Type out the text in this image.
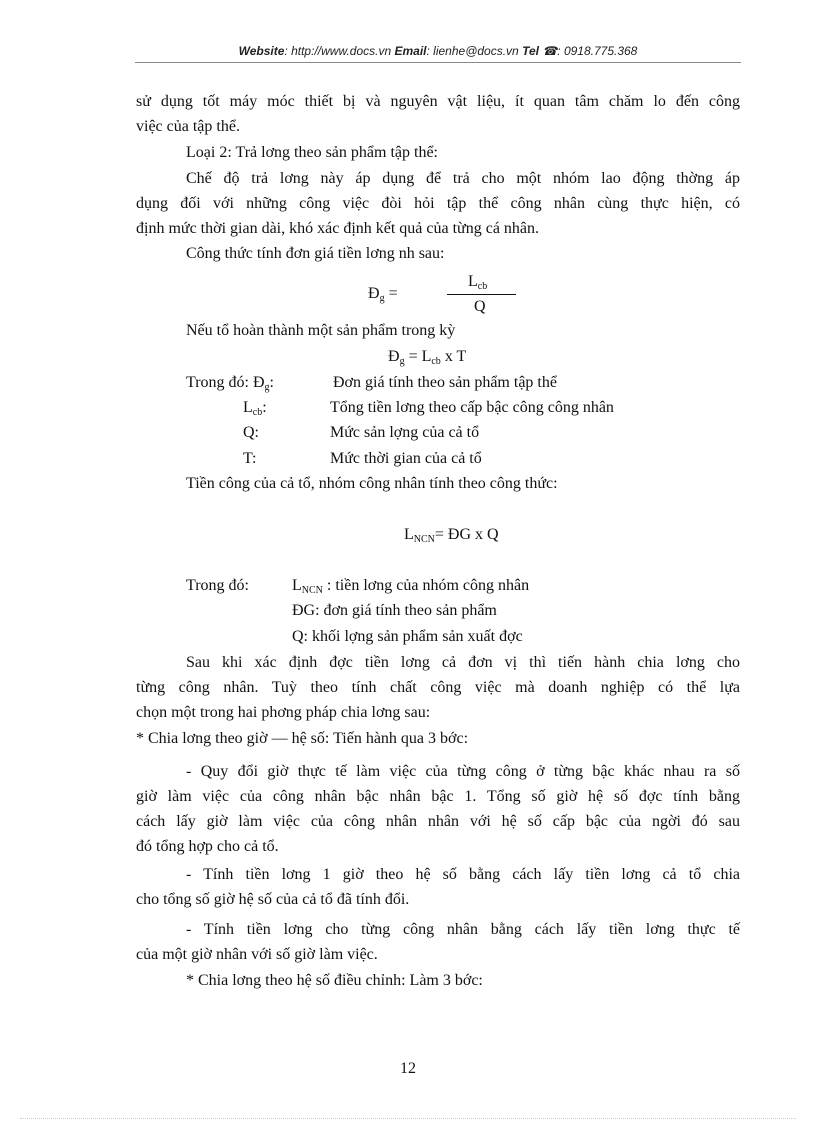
Website: http://www.docs.vn Email: lienhe@docs.vn Tel ☎: 0918.775.368
sử dụng tốt máy móc thiết bị và nguyên vật liệu, ít quan tâm chăm lo đến công
việc của tập thể.
Loại 2: Trả lơng theo sản phẩm tập thể:
Chế độ trả lơng này áp dụng để trả cho một nhóm lao động thờng áp
dụng đối với những công việc đòi hỏi tập thể công nhân cùng thực hiện, có
định mức thời gian dài, khó xác định kết quả của từng cá nhân.
Công thức tính đơn giá tiền lơng nh sau:
$Đ_g$ =
$L_{cb}$
Q
Nếu tổ hoàn thành một sản phẩm trong kỳ
$Đ_g = L_{cb}$ x T
Trong đó: $Đ_g$:	Đơn giá tính theo sản phẩm tập thể
$L_{cb}$:	Tổng tiền lơng theo cấp bậc công công nhân
Q:	Mức sản lợng của cả tổ
T:	Mức thời gian của cả tổ
Tiền công của cả tổ, nhóm công nhân tính theo công thức:
$L_{NCN}=$ ĐG x Q
Trong đó:	$L_{NCN}$ : tiền lơng của nhóm công nhân
ĐG: đơn giá tính theo sản phẩm
Q: khối lợng sản phẩm sản xuất đợc
Sau khi xác định đợc tiền lơng cả đơn vị thì tiến hành chia lơng cho
từng công nhân. Tuỳ theo tính chất công việc mà doanh nghiệp có thể lựa
chọn một trong hai phơng pháp chia lơng sau:
* Chia lơng theo giờ — hệ số: Tiến hành qua 3 bớc:
- Quy đổi giờ thực tế làm việc của từng công ở từng bậc khác nhau ra số
giờ làm việc của công nhân bậc nhân bậc 1. Tổng số giờ hệ số đợc tính bằng
cách lấy giờ làm việc của công nhân nhân với hệ số cấp bậc của ngời đó sau
đó tổng hợp cho cả tổ.
- Tính tiền lơng 1 giờ theo hệ số bằng cách lấy tiền lơng cả tổ chia
cho tổng số giờ hệ số của cả tổ đã tính đổi.
- Tính tiền lơng cho từng công nhân bằng cách lấy tiền lơng thực tế
của một giờ nhân với số giờ làm việc.
* Chia lơng theo hệ số điều chỉnh: Làm 3 bớc:
12
